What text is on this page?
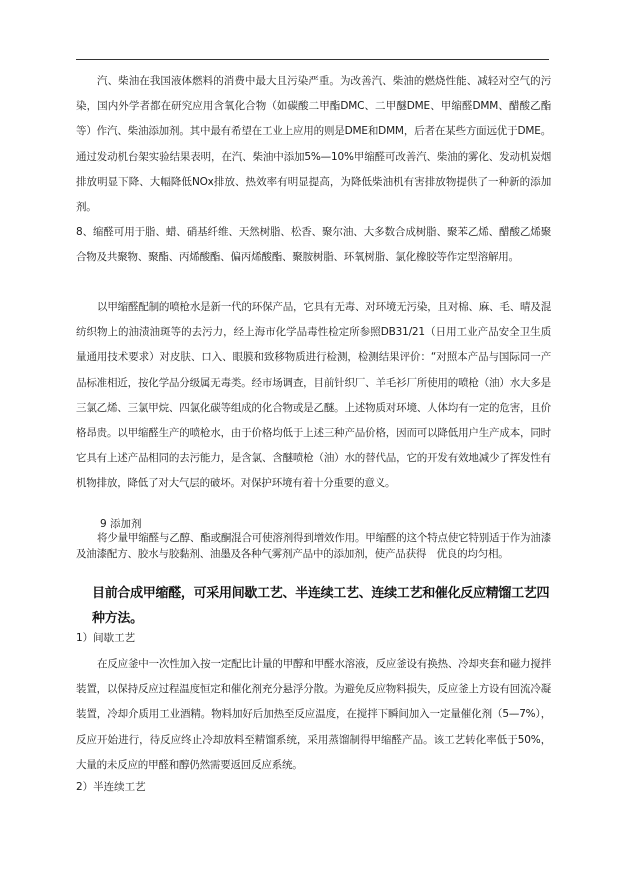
汽、柴油在我国液体燃料的消费中最大且污染严重。为改善汽、柴油的燃烧性能、减轻对空气的污染，国内外学者都在研究应用含氧化合物（如碳酸二甲酯DMC、二甲醚DME、甲缩醛DMM、醋酸乙酯等）作汽、柴油添加剂。其中最有希望在工业上应用的则是DME和DMM，后者在某些方面远优于DME。通过发动机台架实验结果表明，在汽、柴油中添加5%—10%甲缩醛可改善汽、柴油的雾化、发动机炭烟排放明显下降、大幅降低NOx排放、热效率有明显提高，为降低柴油机有害排放物提供了一种新的添加剂。

8、缩醛可用于脂、蜡、硝基纤维、天然树脂、松香、聚尔油、大多数合成树脂、聚苯乙烯、醋酸乙烯聚合物及共聚物、聚酯、丙烯酸酯、偏丙烯酸酯、聚胺树脂、环氧树脂、氯化橡胶等作定型溶解用。

以甲缩醛配制的喷枪水是新一代的环保产品，它具有无毒、对环境无污染，且对棉、麻、毛、晴及混纺织物上的油渍油斑等的去污力，经上海市化学品毒性检定所参照DB31/21（日用工业产品安全卫生质量通用技术要求）对皮肤、口入、眼膜和致移物质进行检测，检测结果评价：“对照本产品与国际同一产品标准相近，按化学品分级属无毒类。经市场调查，目前针织厂、羊毛衫厂所使用的喷枪（油）水大多是三氯乙烯、三氯甲烷、四氯化碳等组成的化合物或是乙醚。上述物质对环境、人体均有一定的危害，且价格昂贵。以甲缩醛生产的喷枪水，由于价格均低于上述三种产品价格，因而可以降低用户生产成本，同时它具有上述产品相同的去污能力，是含氯、含醚喷枪（油）水的替代品，它的开发有效地减少了挥发性有机物排放，降低了对大气层的破坏。对保护环境有着十分重要的意义。

9 添加剂

将少量甲缩醛与乙醇、酯或酮混合可使溶剂得到增效作用。甲缩醛的这个特点使它特别适于作为油漆及油漆配方、胶水与胶黏剂、油墨及各种气雾剂产品中的添加剂，使产品获得　优良的均匀相。

目前合成甲缩醛，可采用间歇工艺、半连续工艺、连续工艺和催化反应精馏工艺四种方法。

1）间歇工艺

在反应釜中一次性加入按一定配比计量的甲醇和甲醛水溶液，反应釜设有换热、冷却夹套和磁力搅拌装置，以保持反应过程温度恒定和催化剂充分悬浮分散。为避免反应物料损失，反应釜上方设有回流冷凝装置，冷却介质用工业酒精。物料加好后加热至反应温度，在搅拌下瞬间加入一定量催化剂（5—7%），反应开始进行，待反应终止冷却放料至精馏系统，采用蒸馏制得甲缩醛产品。该工艺转化率低于50%，大量的未反应的甲醛和醇仍然需要返回反应系统。

2）半连续工艺
